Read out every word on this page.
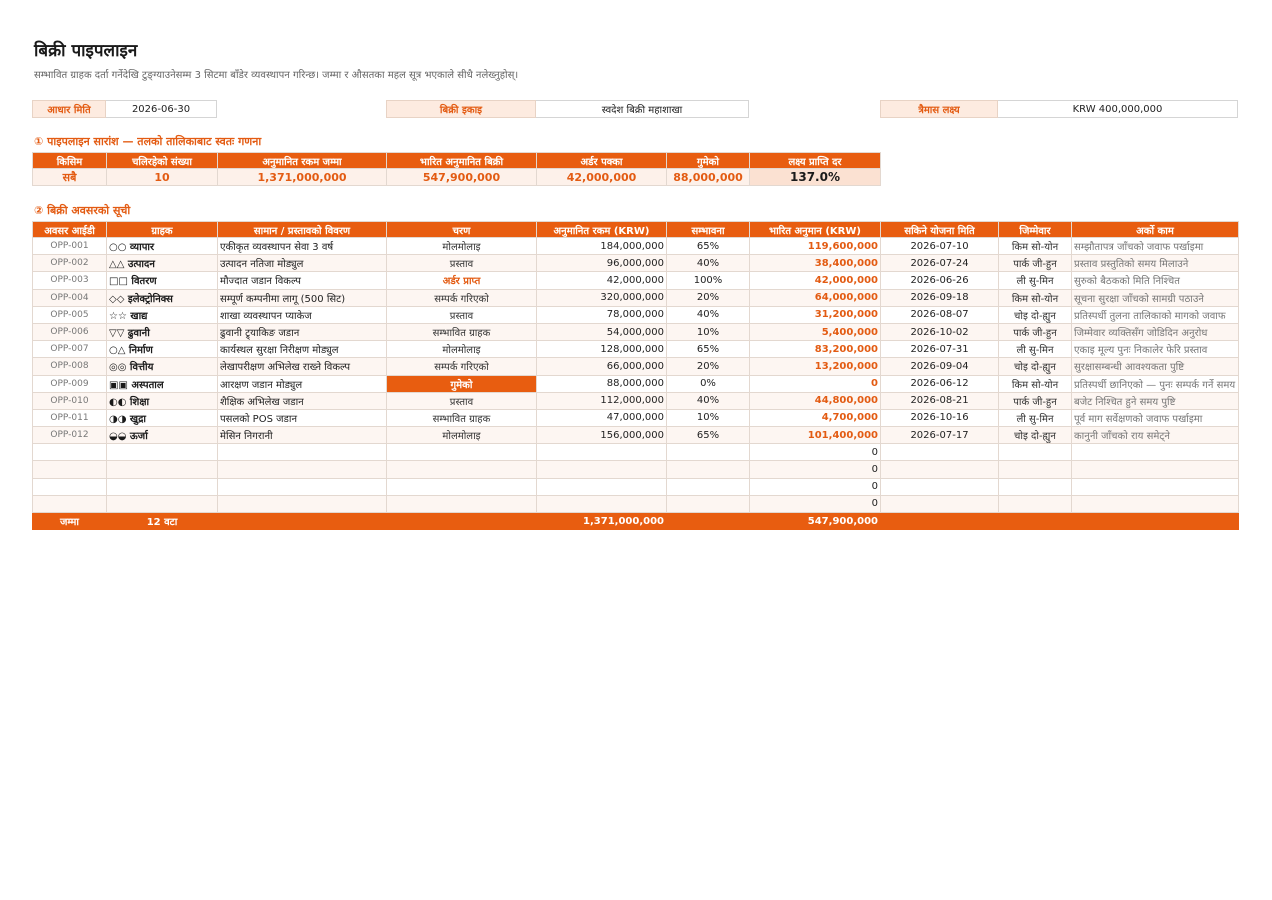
बिक्री पाइपलाइन
सम्भावित ग्राहक दर्ता गर्नेदेखि टुङ्ग्याउनेसम्म 3 सिटमा बाँडेर व्यवस्थापन गरिन्छ। जम्मा र औसतका महल सूत्र भएकाले सीधै नलेख्नुहोस्।
आधार मिति	2026-06-30	बिक्री इकाइ	स्वदेश बिक्री महाशाखा	त्रैमास लक्ष्य	KRW 400,000,000
① पाइपलाइन सारांश — तलको तालिकाबाट स्वतः गणना
किसिम	चलिरहेको संख्या	अनुमानित रकम जम्मा	भारित अनुमानित बिक्री	अर्डर पक्का	गुमेको	लक्ष्य प्राप्ति दर
सबै	10	1,371,000,000	547,900,000	42,000,000	88,000,000	137.0%
② बिक्री अवसरको सूची
अवसर आईडी	ग्राहक	सामान / प्रस्तावको विवरण	चरण	अनुमानित रकम (KRW)	सम्भावना	भारित अनुमान (KRW)	सकिने योजना मिति	जिम्मेवार	अर्को काम
OPP-001	○○ व्यापार	एकीकृत व्यवस्थापन सेवा 3 वर्ष	मोलमोलाइ	184,000,000	65%	119,600,000	2026-07-10	किम सो-योन	सम्झौतापत्र जाँचको जवाफ पर्खाइमा
OPP-002	△△ उत्पादन	उत्पादन नतिजा मोड्युल	प्रस्ताव	96,000,000	40%	38,400,000	2026-07-24	पार्क जी-हुन	प्रस्ताव प्रस्तुतिको समय मिलाउने
OPP-003	□□ वितरण	मौज्दात जडान विकल्प	अर्डर प्राप्त	42,000,000	100%	42,000,000	2026-06-26	ली सु-मिन	सुरुको बैठकको मिति निश्चित
OPP-004	◇◇ इलेक्ट्रोनिक्स	सम्पूर्ण कम्पनीमा लागू (500 सिट)	सम्पर्क गरिएको	320,000,000	20%	64,000,000	2026-09-18	किम सो-योन	सूचना सुरक्षा जाँचको सामग्री पठाउने
OPP-005	☆☆ खाद्य	शाखा व्यवस्थापन प्याकेज	प्रस्ताव	78,000,000	40%	31,200,000	2026-08-07	चोइ दो-ह्युन	प्रतिस्पर्धी तुलना तालिकाको मागको जवाफ
OPP-006	▽▽ ढुवानी	ढुवानी ट्र्याकिङ जडान	सम्भावित ग्राहक	54,000,000	10%	5,400,000	2026-10-02	पार्क जी-हुन	जिम्मेवार व्यक्तिसँग जोडिदिन अनुरोध
OPP-007	○△ निर्माण	कार्यस्थल सुरक्षा निरीक्षण मोड्युल	मोलमोलाइ	128,000,000	65%	83,200,000	2026-07-31	ली सु-मिन	एकाइ मूल्य पुनः निकालेर फेरि प्रस्ताव
OPP-008	◎◎ वित्तीय	लेखापरीक्षण अभिलेख राख्ने विकल्प	सम्पर्क गरिएको	66,000,000	20%	13,200,000	2026-09-04	चोइ दो-ह्युन	सुरक्षासम्बन्धी आवश्यकता पुष्टि
OPP-009	▣▣ अस्पताल	आरक्षण जडान मोड्युल	गुमेको	88,000,000	0%	0	2026-06-12	किम सो-योन	प्रतिस्पर्धी छानिएको — पुनः सम्पर्क गर्ने समय
OPP-010	◐◐ शिक्षा	शैक्षिक अभिलेख जडान	प्रस्ताव	112,000,000	40%	44,800,000	2026-08-21	पार्क जी-हुन	बजेट निश्चित हुने समय पुष्टि
OPP-011	◑◑ खुद्रा	पसलको POS जडान	सम्भावित ग्राहक	47,000,000	10%	4,700,000	2026-10-16	ली सु-मिन	पूर्व माग सर्वेक्षणको जवाफ पर्खाइमा
OPP-012	◒◒ ऊर्जा	मेसिन निगरानी	मोलमोलाइ	156,000,000	65%	101,400,000	2026-07-17	चोइ दो-ह्युन	कानुनी जाँचको राय समेट्ने
						0			
						0			
						0			
						0			
जम्मा	12 वटा			1,371,000,000		547,900,000			
